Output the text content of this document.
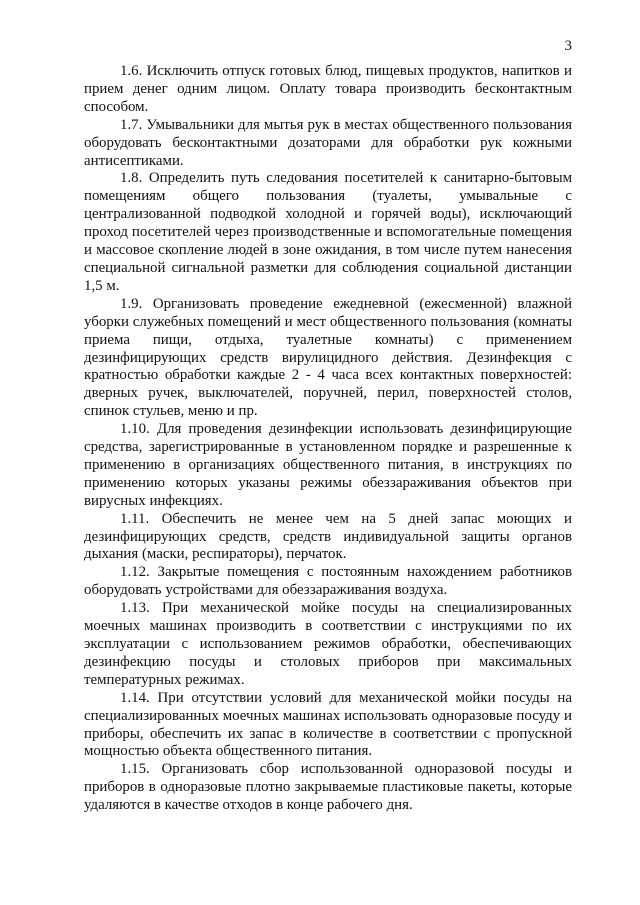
3

1.6. Исключить отпуск готовых блюд, пищевых продуктов, напитков и прием денег одним лицом. Оплату товара производить бесконтактным способом.

1.7. Умывальники для мытья рук в местах общественного пользования оборудовать бесконтактными дозаторами для обработки рук кожными антисептиками.

1.8. Определить путь следования посетителей к санитарно-бытовым помещениям общего пользования (туалеты, умывальные с централизованной подводкой холодной и горячей воды), исключающий проход посетителей через производственные и вспомогательные помещения и массовое скопление людей в зоне ожидания, в том числе путем нанесения специальной сигнальной разметки для соблюдения социальной дистанции 1,5 м.

1.9. Организовать проведение ежедневной (ежесменной) влажной уборки служебных помещений и мест общественного пользования (комнаты приема пищи, отдыха, туалетные комнаты) с применением дезинфицирующих средств вирулицидного действия. Дезинфекция с кратностью обработки каждые 2 - 4 часа всех контактных поверхностей: дверных ручек, выключателей, поручней, перил, поверхностей столов, спинок стульев, меню и пр.

1.10. Для проведения дезинфекции использовать дезинфицирующие средства, зарегистрированные в установленном порядке и разрешенные к применению в организациях общественного питания, в инструкциях по применению которых указаны режимы обеззараживания объектов при вирусных инфекциях.

1.11. Обеспечить не менее чем на 5 дней запас моющих и дезинфицирующих средств, средств индивидуальной защиты органов дыхания (маски, респираторы), перчаток.

1.12. Закрытые помещения с постоянным нахождением работников оборудовать устройствами для обеззараживания воздуха.

1.13. При механической мойке посуды на специализированных моечных машинах производить в соответствии с инструкциями по их эксплуатации с использованием режимов обработки, обеспечивающих дезинфекцию посуды и столовых приборов при максимальных температурных режимах.

1.14. При отсутствии условий для механической мойки посуды на специализированных моечных машинах использовать одноразовые посуду и приборы, обеспечить их запас в количестве в соответствии с пропускной мощностью объекта общественного питания.

1.15. Организовать сбор использованной одноразовой посуды и приборов в одноразовые плотно закрываемые пластиковые пакеты, которые удаляются в качестве отходов в конце рабочего дня.
